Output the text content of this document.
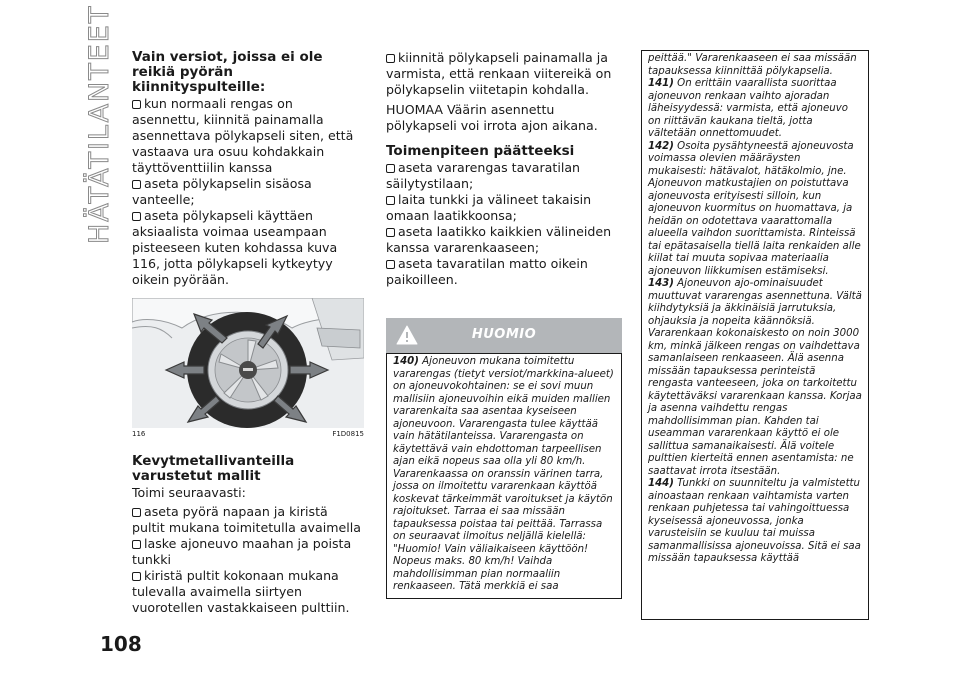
HÄTÄTILANTEET Vain versiot, joissa ei ole reikiä pyörän kiinnityspulteille:
kun normaali rengas on asennettu, kiinnitä painamalla asennettava pölykapseli siten, että vastaava ura osuu kohdakkain täyttöventtiilin kanssa
aseta pölykapselin sisäosa vanteelle;
aseta pölykapseli käyttäen aksiaalista voimaa useampaan pisteeseen kuten kohdassa kuva 116, jotta pölykapseli kytkeytyy oikein pyörään.
116	F1D0815
Kevytmetallivanteilla varustetut mallit
Toimi seuraavasti:
aseta pyörä napaan ja kiristä pultit mukana toimitetulla avaimella
laske ajoneuvo maahan ja poista tunkki
kiristä pultit kokonaan mukana tulevalla avaimella siirtyen vuorotellen vastakkaiseen pulttiin.
kiinnitä pölykapseli painamalla ja varmista, että renkaan viitereikä on pölykapselin viitetapin kohdalla.
HUOMAA Väärin asennettu pölykapseli voi irrota ajon aikana.
Toimenpiteen päätteeksi
aseta vararengas tavaratilan säilytystilaan;
laita tunkki ja välineet takaisin omaan laatikkoonsa;
aseta laatikko kaikkien välineiden kanssa vararenkaaseen;
aseta tavaratilan matto oikein paikoilleen.
HUOMIO
140) Ajoneuvon mukana toimitettu vararengas (tietyt versiot/markkina-alueet) on ajoneuvokohtainen: se ei sovi muun mallisiin ajoneuvoihin eikä muiden mallien vararenkaita saa asentaa kyseiseen ajoneuvoon. Vararengasta tulee käyttää vain hätätilanteissa. Vararengasta on käytettävä vain ehdottoman tarpeellisen ajan eikä nopeus saa olla yli 80 km/h. Vararenkaassa on oranssin värinen tarra, jossa on ilmoitettu vararenkaan käyttöä koskevat tärkeimmät varoitukset ja käytön rajoitukset. Tarraa ei saa missään tapauksessa poistaa tai peittää. Tarrassa on seuraavat ilmoitus neljällä kielellä: "Huomio! Vain väliaikaiseen käyttöön! Nopeus maks. 80 km/h! Vaihda mahdollisimman pian normaaliin renkaaseen. Tätä merkkiä ei saa
peittää." Vararenkaaseen ei saa missään tapauksessa kiinnittää pölykapselia.
141) On erittäin vaarallista suorittaa ajoneuvon renkaan vaihto ajoradan läheisyydessä: varmista, että ajoneuvo on riittävän kaukana tieltä, jotta vältetään onnettomuudet.
142) Osoita pysähtyneestä ajoneuvosta voimassa olevien määräysten mukaisesti: hätävalot, hätäkolmio, jne. Ajoneuvon matkustajien on poistuttava ajoneuvosta erityisesti silloin, kun ajoneuvon kuormitus on huomattava, ja heidän on odotettava vaarattomalla alueella vaihdon suorittamista. Rinteissä tai epätasaisella tiellä laita renkaiden alle kiilat tai muuta sopivaa materiaalia ajoneuvon liikkumisen estämiseksi.
143) Ajoneuvon ajo-ominaisuudet muuttuvat vararengas asennettuna. Vältä kiihdytyksiä ja äkkinäisiä jarrutuksia, ohjauksia ja nopeita käännöksiä. Vararenkaan kokonaiskesto on noin 3000 km, minkä jälkeen rengas on vaihdettava samanlaiseen renkaaseen. Älä asenna missään tapauksessa perinteistä rengasta vanteeseen, joka on tarkoitettu käytettäväksi vararenkaan kanssa. Korjaa ja asenna vaihdettu rengas mahdollisimman pian. Kahden tai useamman vararenkaan käyttö ei ole sallittua samanaikaisesti. Älä voitele pulttien kierteitä ennen asentamista: ne saattavat irrota itsestään.
144) Tunkki on suunniteltu ja valmistettu ainoastaan renkaan vaihtamista varten renkaan puhjetessa tai vahingoittuessa kyseisessä ajoneuvossa, jonka varusteisiin se kuuluu tai muissa samanmallisissa ajoneuvoissa. Sitä ei saa missään tapauksessa käyttää
108
